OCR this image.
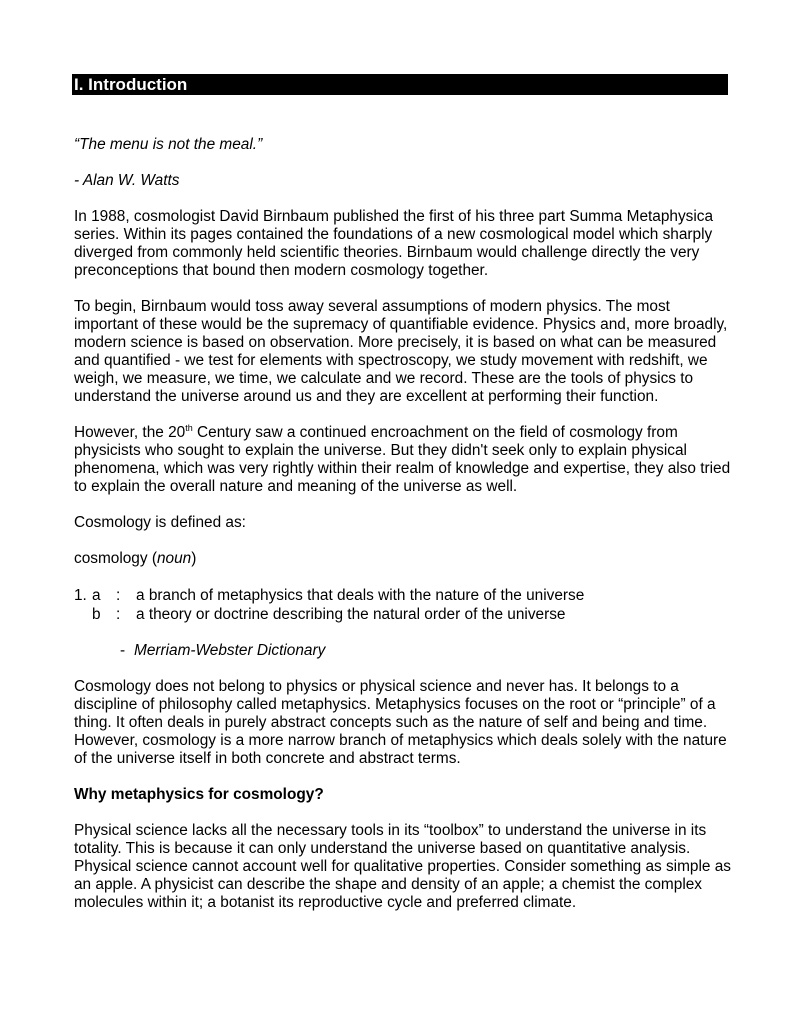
I. Introduction

“The menu is not the meal.”

- Alan W. Watts

In 1988, cosmologist David Birnbaum published the first of his three part Summa Metaphysica series. Within its pages contained the foundations of a new cosmological model which sharply diverged from commonly held scientific theories. Birnbaum would challenge directly the very preconceptions that bound then modern cosmology together.

To begin, Birnbaum would toss away several assumptions of modern physics. The most important of these would be the supremacy of quantifiable evidence. Physics and, more broadly, modern science is based on observation. More precisely, it is based on what can be measured and quantified - we test for elements with spectroscopy, we study movement with redshift, we weigh, we measure, we time, we calculate and we record. These are the tools of physics to understand the universe around us and they are excellent at performing their function.

However, the 20th Century saw a continued encroachment on the field of cosmology from physicists who sought to explain the universe. But they didn't seek only to explain physical phenomena, which was very rightly within their realm of knowledge and expertise, they also tried to explain the overall nature and meaning of the universe as well.

Cosmology is defined as:

cosmology (noun)

1. a	:	a branch of metaphysics that deals with the nature of the universe
b	:	a theory or doctrine describing the natural order of the universe
- Merriam-Webster Dictionary

Cosmology does not belong to physics or physical science and never has. It belongs to a discipline of philosophy called metaphysics. Metaphysics focuses on the root or “principle” of a thing. It often deals in purely abstract concepts such as the nature of self and being and time. However, cosmology is a more narrow branch of metaphysics which deals solely with the nature of the universe itself in both concrete and abstract terms.

Why metaphysics for cosmology?

Physical science lacks all the necessary tools in its “toolbox” to understand the universe in its totality. This is because it can only understand the universe based on quantitative analysis. Physical science cannot account well for qualitative properties. Consider something as simple as an apple. A physicist can describe the shape and density of an apple; a chemist the complex molecules within it; a botanist its reproductive cycle and preferred climate.
